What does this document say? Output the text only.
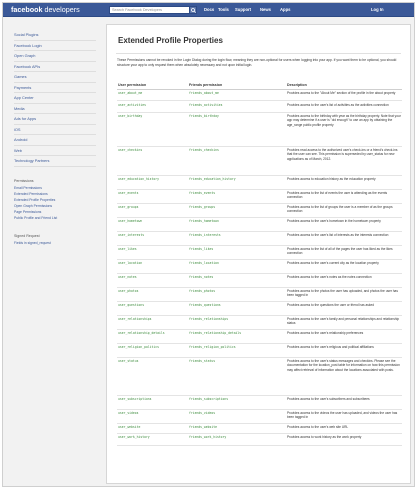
facebook developers	Search Facebook Developers	Docs Tools Support News Apps	Log In
Social Plugins
Facebook Login
Open Graph
Facebook APIs
Games
Payments
App Center
Media
Ads for Apps
iOS
Android
Web
Technology Partners
Permissions
Email Permissions
Extended Permissions
Extended Profile Properties
Open Graph Permissions
Page Permissions
Public Profile and Friend List
Signed Request
Fields in signed_request
Extended Profile Properties
These Permissions cannot be revoked in the Login Dialog during the login flow, meaning they are non-optional for users when logging into your app. If you want them to be optional, you should structure your app to only request them when absolutely necessary and not upon initial login.
User permission	Friends permission	Description
user_about_me	friends_about_me	Provides access to the "About Me" section of the profile in the about property
user_activities	friends_activities	Provides access to the user's list of activities as the activities connection
user_birthday	friends_birthday	Provides access to the birthday with year as the birthday property. Note that your app may determine if a user is "old enough" to use an app by obtaining the age_range public profile property
user_checkins	friends_checkins	Provides read access to the authorized user's check-ins or a friend's check-ins that the user can see. This permission is superseded by user_status for new applications as of March, 2012.
user_education_history	friends_education_history	Provides access to education history as the education property
user_events	friends_events	Provides access to the list of events the user is attending as the events connection
user_groups	friends_groups	Provides access to the list of groups the user is a member of as the groups connection
user_hometown	friends_hometown	Provides access to the user's hometown in the hometown property
user_interests	friends_interests	Provides access to the user's list of interests as the interests connection
user_likes	friends_likes	Provides access to the list of all of the pages the user has liked as the likes connection
user_location	friends_location	Provides access to the user's current city as the location property
user_notes	friends_notes	Provides access to the user's notes as the notes connection
user_photos	friends_photos	Provides access to the photos the user has uploaded, and photos the user has been tagged in
user_questions	friends_questions	Provides access to the questions the user or friend has asked
user_relationships	friends_relationships	Provides access to the user's family and personal relationships and relationship status
user_relationship_details	friends_relationship_details	Provides access to the user's relationship preferences
user_religion_politics	friends_religion_politics	Provides access to the user's religious and political affiliations
user_status	friends_status	Provides access to the user's status messages and checkins. Please see the documentation for the location_post table for information on how this permission may affect retrieval of information about the locations associated with posts.
user_subscriptions	friends_subscriptions	Provides access to the user's subscribers and subscribees
user_videos	friends_videos	Provides access to the videos the user has uploaded, and videos the user has been tagged in
user_website	friends_website	Provides access to the user's web site URL
user_work_history	friends_work_history	Provides access to work history as the work property
